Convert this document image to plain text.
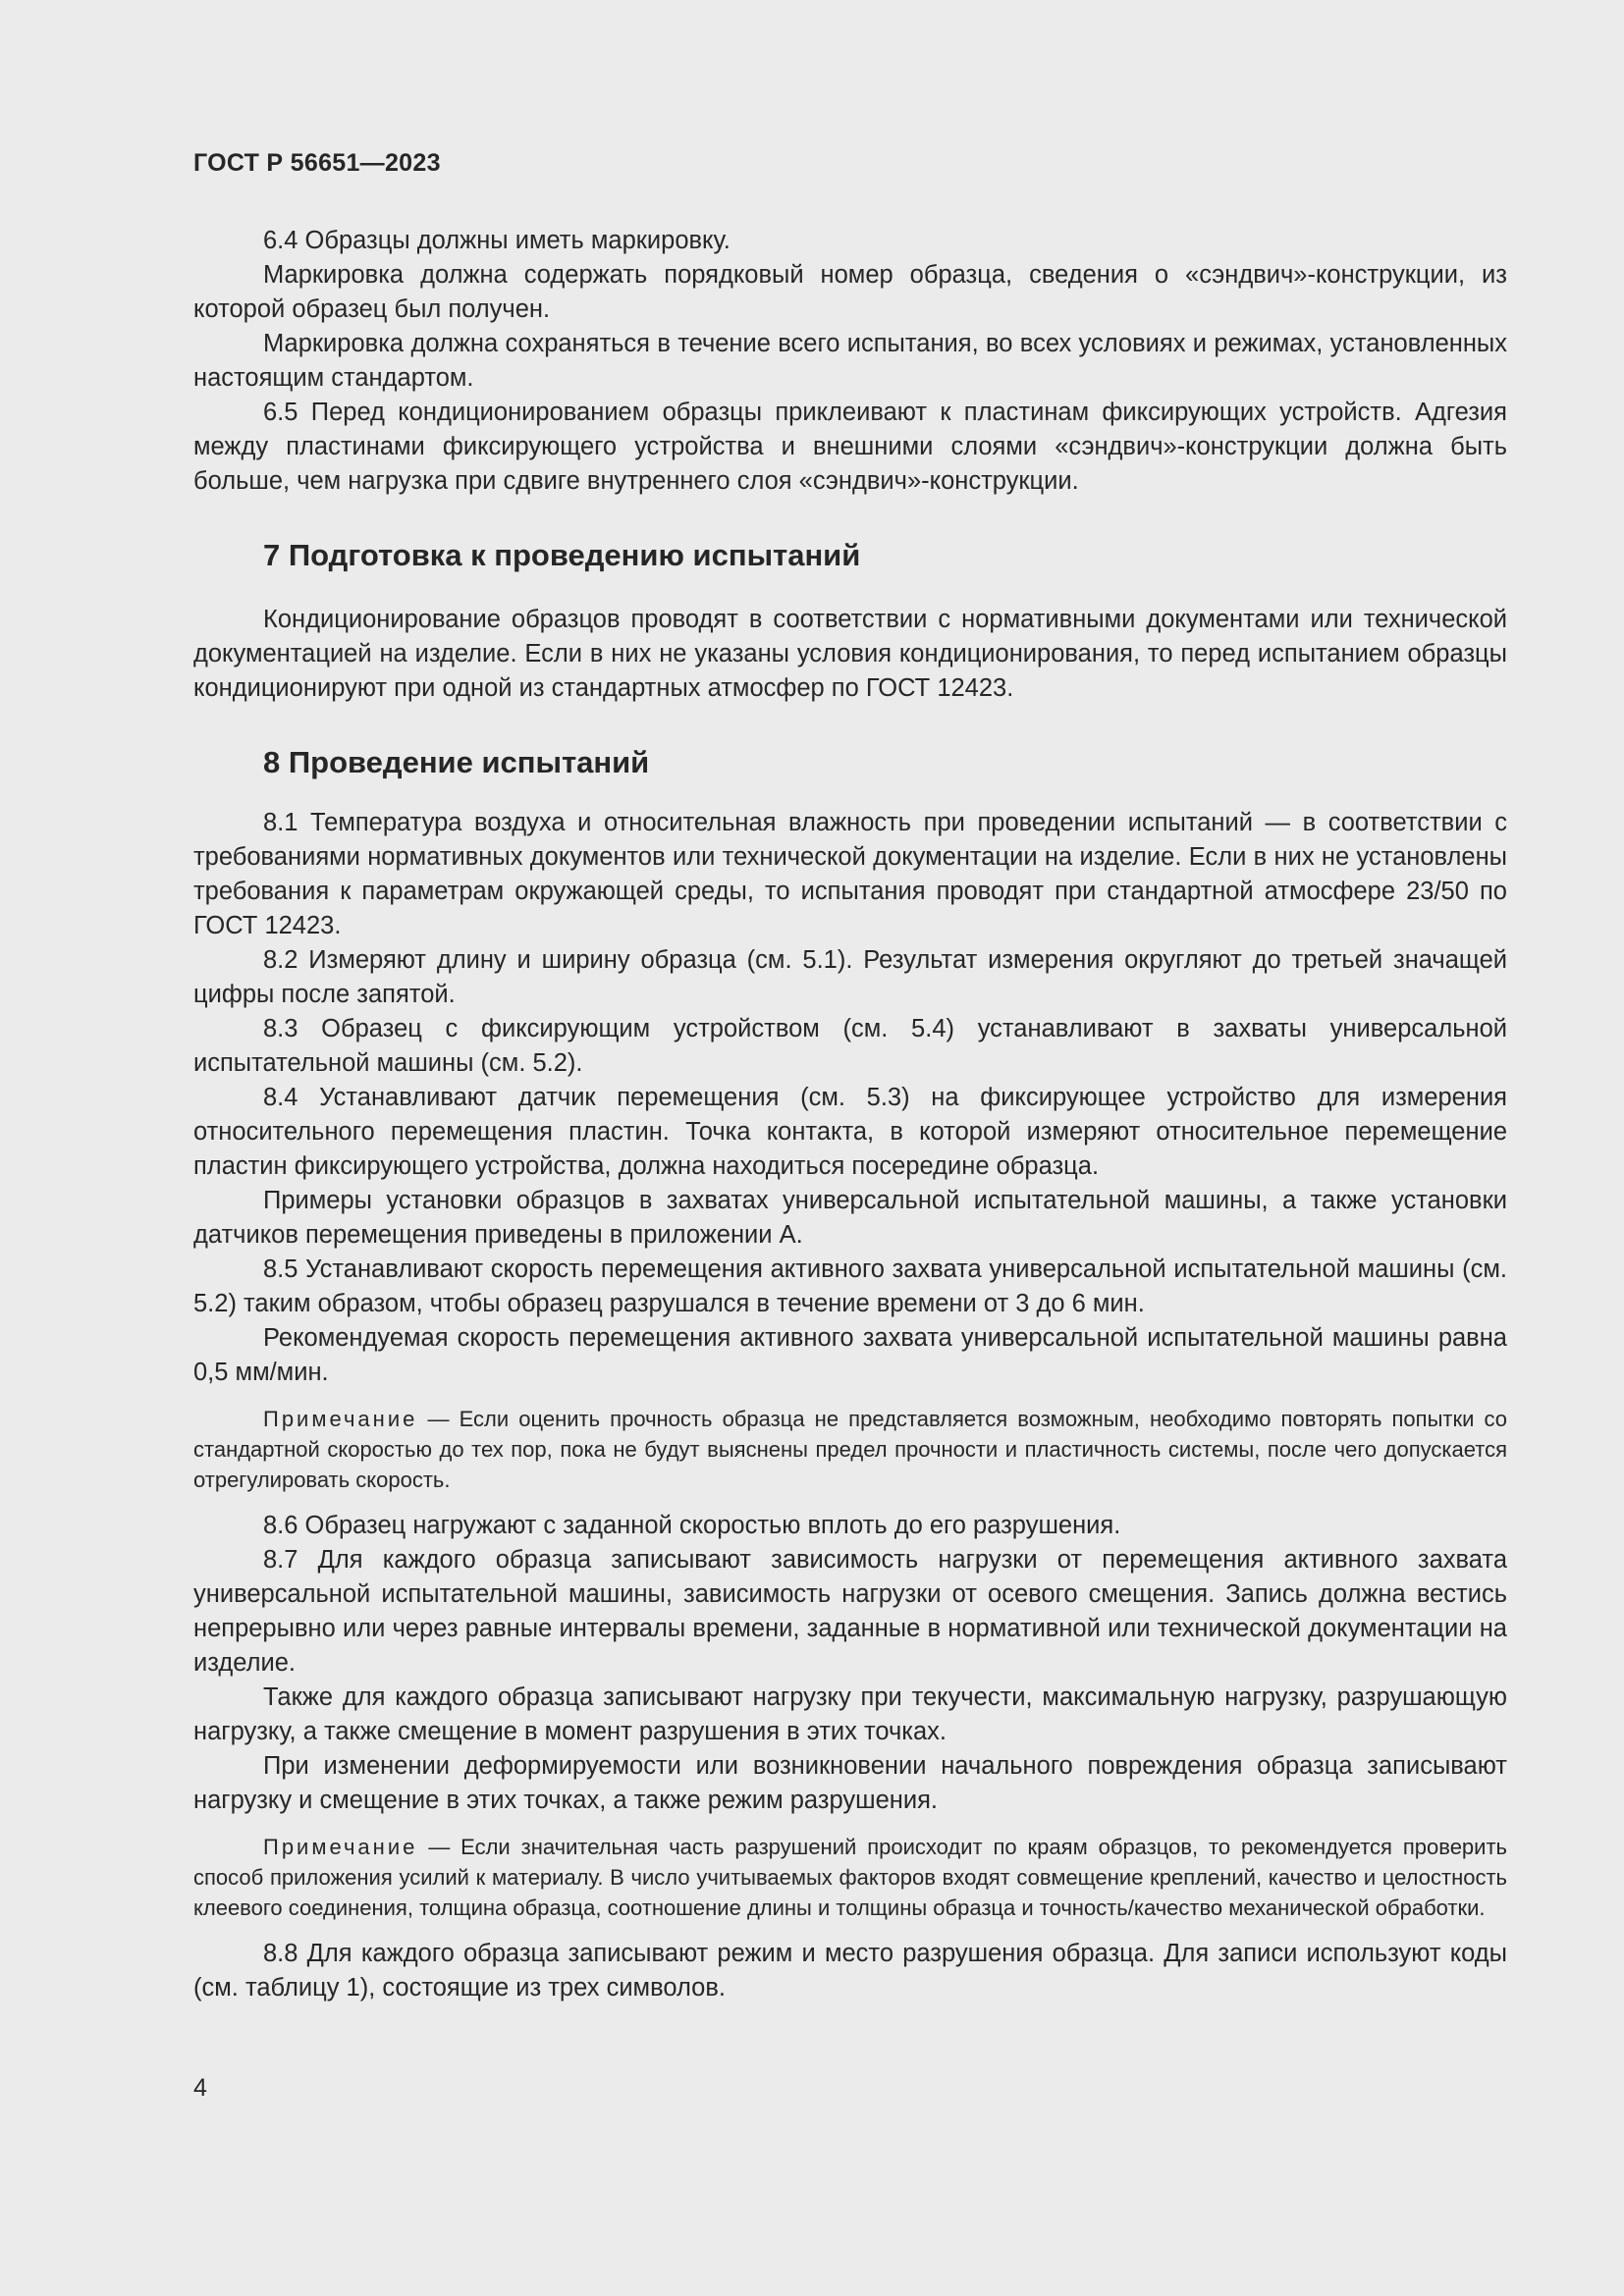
ГОСТ Р 56651—2023

6.4 Образцы должны иметь маркировку.

Маркировка должна содержать порядковый номер образца, сведения о «сэндвич»-конструкции, из которой образец был получен.

Маркировка должна сохраняться в течение всего испытания, во всех условиях и режимах, установленных настоящим стандартом.

6.5 Перед кондиционированием образцы приклеивают к пластинам фиксирующих устройств. Адгезия между пластинами фиксирующего устройства и внешними слоями «сэндвич»-конструкции должна быть больше, чем нагрузка при сдвиге внутреннего слоя «сэндвич»-конструкции.

7 Подготовка к проведению испытаний

Кондиционирование образцов проводят в соответствии с нормативными документами или технической документацией на изделие. Если в них не указаны условия кондиционирования, то перед испытанием образцы кондиционируют при одной из стандартных атмосфер по ГОСТ 12423.

8 Проведение испытаний

8.1 Температура воздуха и относительная влажность при проведении испытаний — в соответствии с требованиями нормативных документов или технической документации на изделие. Если в них не установлены требования к параметрам окружающей среды, то испытания проводят при стандартной атмосфере 23/50 по ГОСТ 12423.

8.2 Измеряют длину и ширину образца (см. 5.1). Результат измерения округляют до третьей значащей цифры после запятой.

8.3 Образец с фиксирующим устройством (см. 5.4) устанавливают в захваты универсальной испытательной машины (см. 5.2).

8.4 Устанавливают датчик перемещения (см. 5.3) на фиксирующее устройство для измерения относительного перемещения пластин. Точка контакта, в которой измеряют относительное перемещение пластин фиксирующего устройства, должна находиться посередине образца.

Примеры установки образцов в захватах универсальной испытательной машины, а также установки датчиков перемещения приведены в приложении А.

8.5 Устанавливают скорость перемещения активного захвата универсальной испытательной машины (см. 5.2) таким образом, чтобы образец разрушался в течение времени от 3 до 6 мин.

Рекомендуемая скорость перемещения активного захвата универсальной испытательной машины равна 0,5 мм/мин.

Примечание — Если оценить прочность образца не представляется возможным, необходимо повторять попытки со стандартной скоростью до тех пор, пока не будут выяснены предел прочности и пластичность системы, после чего допускается отрегулировать скорость.

8.6 Образец нагружают с заданной скоростью вплоть до его разрушения.

8.7 Для каждого образца записывают зависимость нагрузки от перемещения активного захвата универсальной испытательной машины, зависимость нагрузки от осевого смещения. Запись должна вестись непрерывно или через равные интервалы времени, заданные в нормативной или технической документации на изделие.

Также для каждого образца записывают нагрузку при текучести, максимальную нагрузку, разрушающую нагрузку, а также смещение в момент разрушения в этих точках.

При изменении деформируемости или возникновении начального повреждения образца записывают нагрузку и смещение в этих точках, а также режим разрушения.

Примечание — Если значительная часть разрушений происходит по краям образцов, то рекомендуется проверить способ приложения усилий к материалу. В число учитываемых факторов входят совмещение креплений, качество и целостность клеевого соединения, толщина образца, соотношение длины и толщины образца и точность/качество механической обработки.

8.8 Для каждого образца записывают режим и место разрушения образца. Для записи используют коды (см. таблицу 1), состоящие из трех символов.

4
